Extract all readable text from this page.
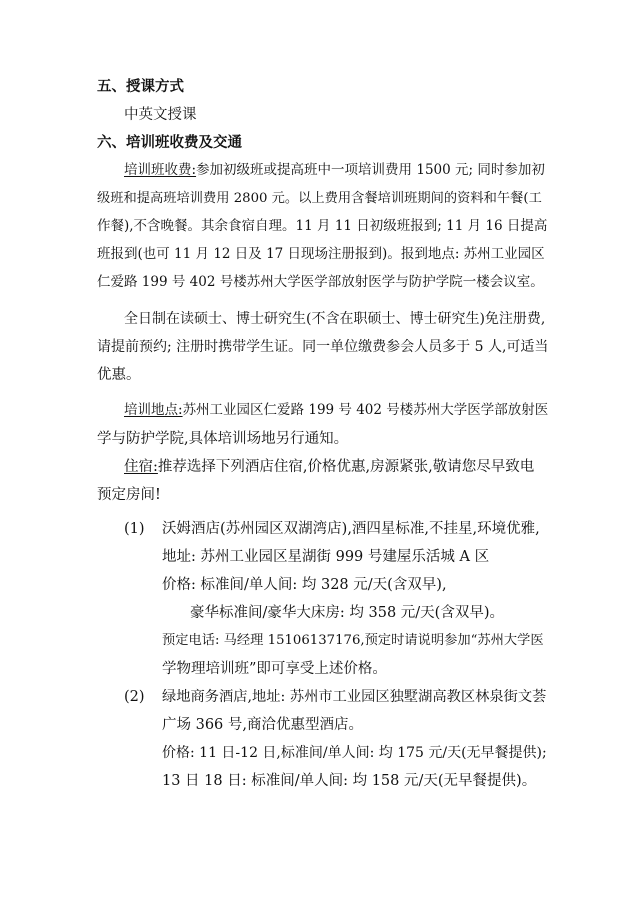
五、授课方式
中英文授课
六、培训班收费及交通
培训班收费:参加初级班或提高班中一项培训费用 1500 元; 同时参加初
级班和提高班培训费用 2800 元。以上费用含餐培训班期间的资料和午餐(工
作餐),不含晚餐。其余食宿自理。11 月 11 日初级班报到; 11 月 16 日提高
班报到(也可 11 月 12 日及 17 日现场注册报到)。报到地点: 苏州工业园区
仁爱路 199 号 402 号楼苏州大学医学部放射医学与防护学院一楼会议室。
全日制在读硕士、博士研究生(不含在职硕士、博士研究生)免注册费,
请提前预约; 注册时携带学生证。同一单位缴费参会人员多于 5 人,可适当
优惠。
培训地点:苏州工业园区仁爱路 199 号 402 号楼苏州大学医学部放射医
学与防护学院,具体培训场地另行通知。
住宿:推荐选择下列酒店住宿,价格优惠,房源紧张,敬请您尽早致电
预定房间!
(1) 沃姆酒店(苏州园区双湖湾店),酒四星标准,不挂星,环境优雅,
地址: 苏州工业园区星湖街 999 号建屋乐活城 A 区
价格: 标准间/单人间: 均 328 元/天(含双早),
豪华标准间/豪华大床房: 均 358 元/天(含双早)。
预定电话: 马经理 15106137176,预定时请说明参加“苏州大学医
学物理培训班”即可享受上述价格。
(2) 绿地商务酒店,地址: 苏州市工业园区独墅湖高教区林泉街文荟
广场 366 号,商洽优惠型酒店。
价格: 11 日-12 日,标准间/单人间: 均 175 元/天(无早餐提供);
13 日 18 日: 标准间/单人间: 均 158 元/天(无早餐提供)。
